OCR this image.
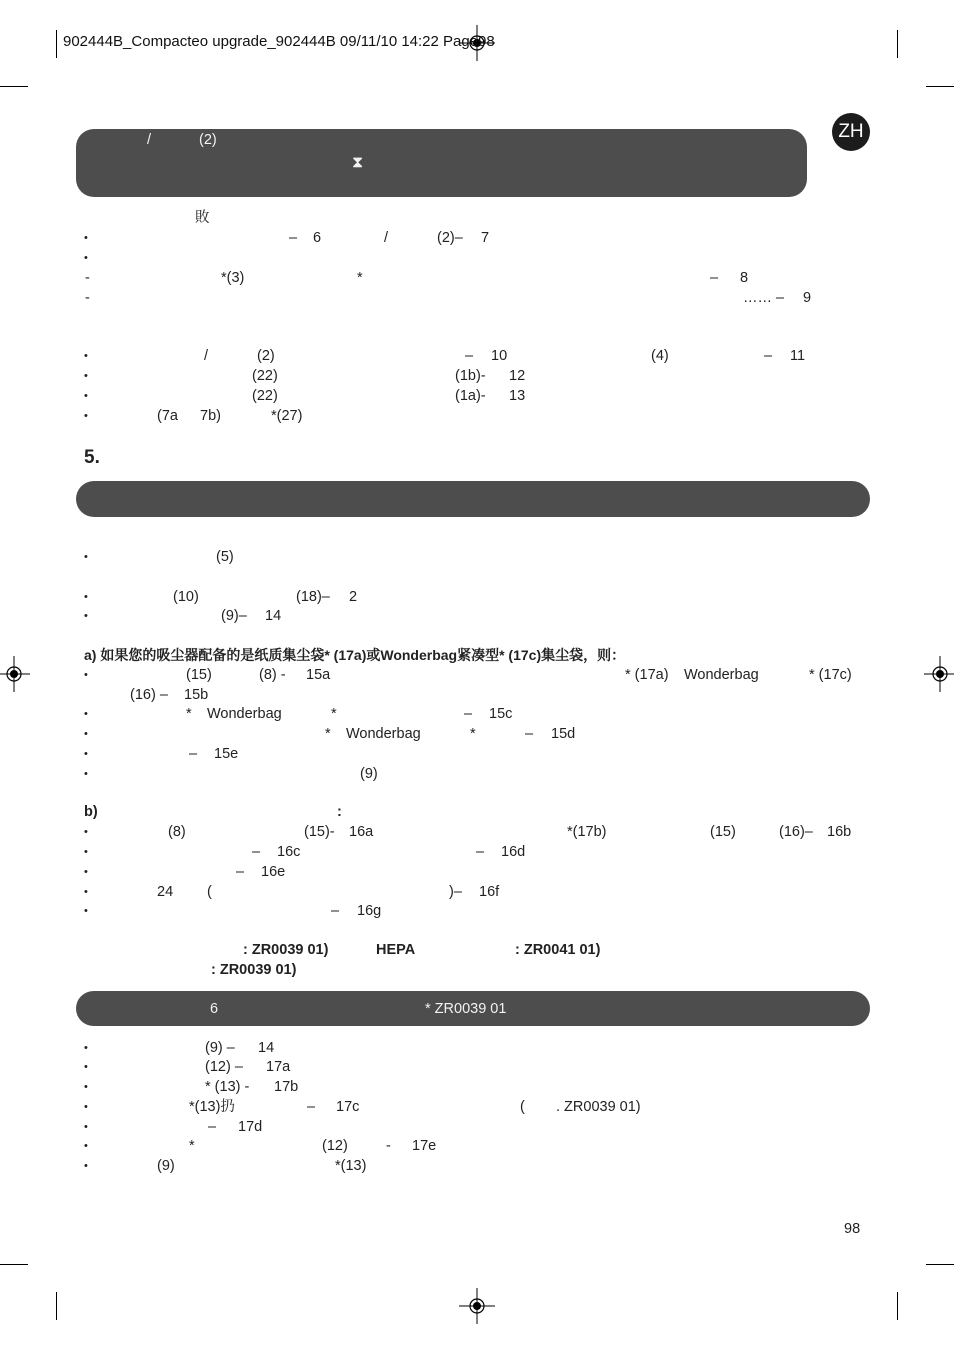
902444B_Compacteo upgrade_902444B 09/11/10 14:22 Page98
ZH
/	(2)
⧗
敗
•	– 6	/	(2)– 7
•
-	*(3)	*	– 8
-	…… – 9
•	/	(2)	– 10	(4)	– 11
•	(22)	(1b)- 12
•	(22)	(1a)- 13
•	(7a 7b)	*(27)
5.
•	(5)
•	(10)	(18)– 2
•	(9)– 14
a) 如果您的吸尘器配备的是纸质集尘袋* (17a)或Wonderbag紧凑型* (17c)集尘袋，则：
•	(15)	(8) - 15a	* (17a) Wonderbag	* (17c)
(16) – 15b
•	* Wonderbag	*	– 15c
•	* Wonderbag	*	– 15d
•	– 15e
•	(9)
b)	:
•	(8)	(15)- 16a	*(17b)	(15)	(16)– 16b
•	– 16c	– 16d
•	– 16e
•	24 (	)– 16f
•	– 16g
: ZR0039 01)	HEPA	: ZR0041 01)
: ZR0039 01)
6	* ZR0039 01
•	(9) – 14
•	(12) – 17a
•	* (13) - 17b
•	*(13)扔	– 17c	( . ZR0039 01)
•	– 17d
•	*	(12)	- 17e
•	(9)	*(13)
98
